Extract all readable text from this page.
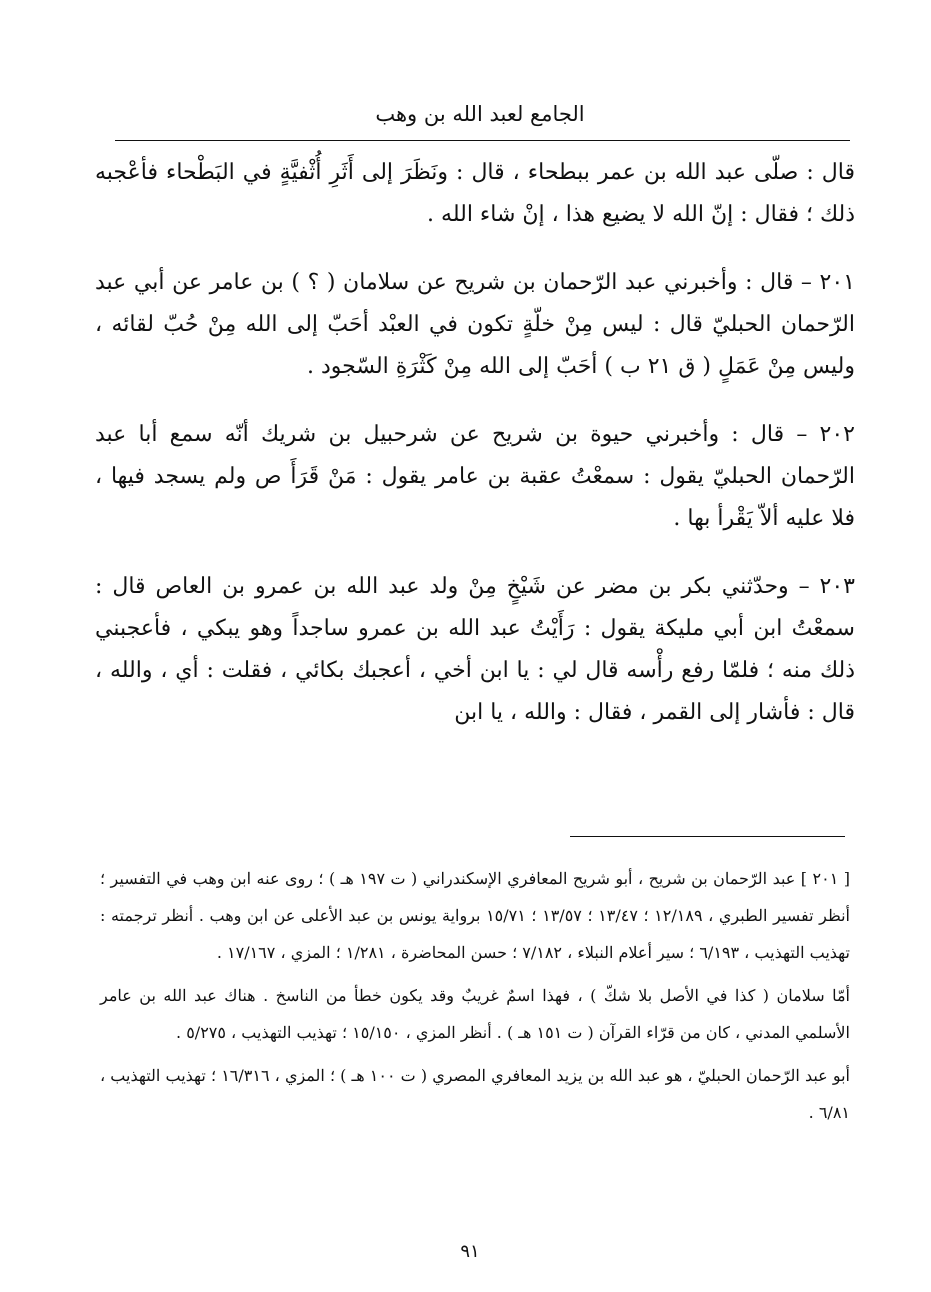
الجامع لعبد الله بن وهب

قال : صلّى عبد الله بن عمر ببطحاء ، قال : ونَظَرَ إلى أَثَرِ أُثْفيَّةٍ في البَطْحاء فأعْجبه ذلك ؛ فقال : إنّ الله لا يضيع هذا ، إنْ شاء الله .

٢٠١ – قال : وأخبرني عبد الرّحمان بن شريح عن سلامان ( ؟ ) بن عامر عن أبي عبد الرّحمان الحبليّ قال : ليس مِنْ خلّةٍ تكون في العبْد أحَبّ إلى الله مِنْ حُبّ لقائه ، وليس مِنْ عَمَلٍ ( ق ٢١ ب ) أحَبّ إلى الله مِنْ كَثْرَةِ السّجود .

٢٠٢ – قال : وأخبرني حيوة بن شريح عن شرحبيل بن شريك أنّه سمع أبا عبد الرّحمان الحبليّ يقول : سمعْتُ عقبة بن عامر يقول : مَنْ قَرَأَ ص ولم يسجد فيها ، فلا عليه ألاّ يَقْرأ بها .

٢٠٣ – وحدّثني بكر بن مضر عن شَيْخٍ مِنْ ولد عبد الله بن عمرو بن العاص قال : سمعْتُ ابن أبي مليكة يقول : رَأَيْتُ عبد الله بن عمرو ساجداً وهو يبكي ، فأعجبني ذلك منه ؛ فلمّا رفع رأْسه قال لي : يا ابن أخي ، أعجبك بكائي ، فقلت : أي ، والله ، قال : فأشار إلى القمر ، فقال : والله ، يا ابن

[ ٢٠١ ] عبد الرّحمان بن شريح ، أبو شريح المعافري الإسكندراني ( ت ١٩٧ هـ ) ؛ روى عنه ابن وهب في التفسير ؛ أنظر تفسير الطبري ، ١٢/١٨٩ ؛ ١٣/٤٧ ؛ ١٣/٥٧ ؛ ١٥/٧١ برواية يونس بن عبد الأعلى عن ابن وهب . أنظر ترجمته : تهذيب التهذيب ، ٦/١٩٣ ؛ سير أعلام النبلاء ، ٧/١٨٢ ؛ حسن المحاضرة ، ١/٢٨١ ؛ المزي ، ١٧/١٦٧ .

أمّا سلامان ( كذا في الأصل بلا شكّ ) ، فهذا اسمٌ غريبٌ وقد يكون خطأ من الناسخ . هناك عبد الله بن عامر الأسلمي المدني ، كان من قرّاء القرآن ( ت ١٥١ هـ ) . أنظر المزي ، ١٥/١٥٠ ؛ تهذيب التهذيب ، ٥/٢٧٥ .

أبو عبد الرّحمان الحبليّ ، هو عبد الله بن يزيد المعافري المصري ( ت ١٠٠ هـ ) ؛ المزي ، ١٦/٣١٦ ؛ تهذيب التهذيب ، ٦/٨١ .

٩١
